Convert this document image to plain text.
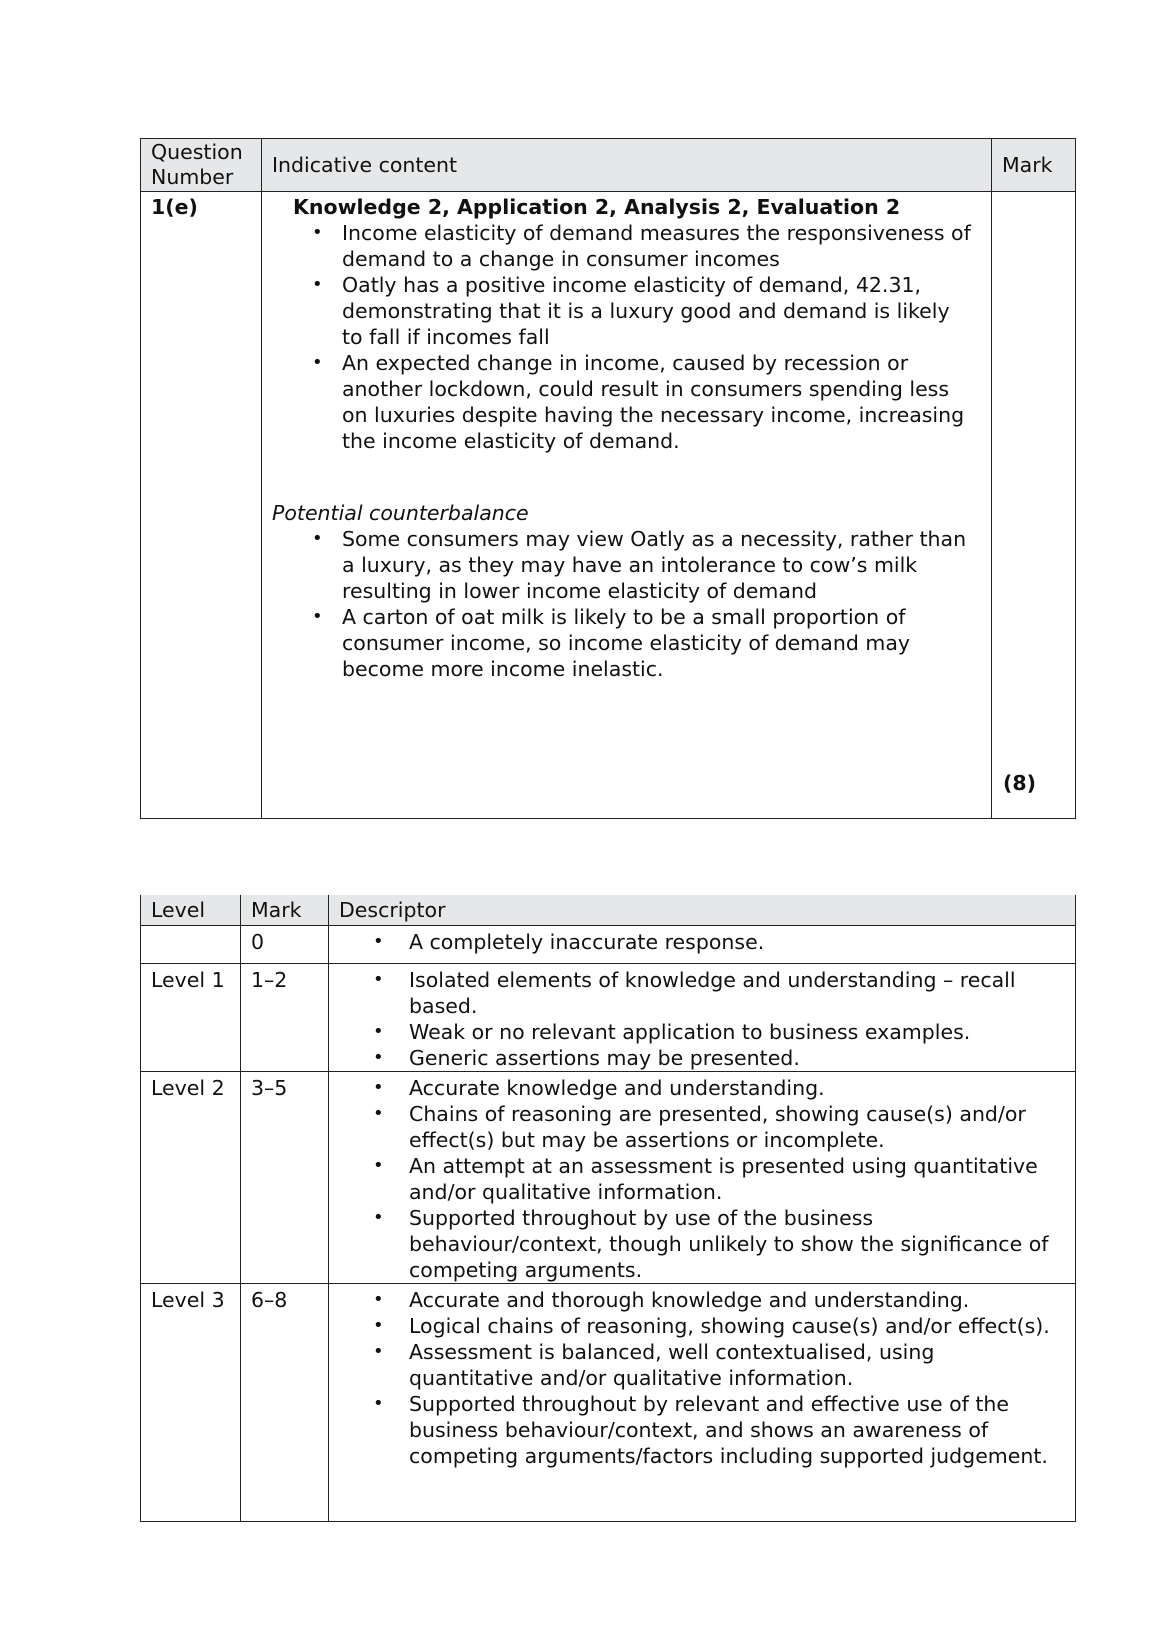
Question Number	Indicative content	Mark
1(e)	Knowledge 2, Application 2, Analysis 2, Evaluation 2
• Income elasticity of demand measures the responsiveness of demand to a change in consumer incomes
• Oatly has a positive income elasticity of demand, 42.31, demonstrating that it is a luxury good and demand is likely to fall if incomes fall
• An expected change in income, caused by recession or another lockdown, could result in consumers spending less on luxuries despite having the necessary income, increasing the income elasticity of demand.
Potential counterbalance
• Some consumers may view Oatly as a necessity, rather than a luxury, as they may have an intolerance to cow’s milk resulting in lower income elasticity of demand
• A carton of oat milk is likely to be a small proportion of consumer income, so income elasticity of demand may become more income inelastic.

(8)
Level	Mark	Descriptor
	0	
•A completely inaccurate response.

Level 1	1–2	
•Isolated elements of knowledge and understanding – recall based.
• Weak or no relevant application to business examples.
• Generic assertions may be presented.

Level 2	3–5	
•Accurate knowledge and understanding.
• Chains of reasoning are presented, showing cause(s) and/or effect(s) but may be assertions or incomplete.
• An attempt at an assessment is presented using quantitative and/or qualitative information.
• Supported throughout by use of the business behaviour/context, though unlikely to show the significance of competing arguments.

Level 3	6–8	
•Accurate and thorough knowledge and understanding.
• Logical chains of reasoning, showing cause(s) and/or effect(s).
• Assessment is balanced, well contextualised, using quantitative and/or qualitative information.
• Supported throughout by relevant and effective use of the business behaviour/context, and shows an awareness of competing arguments/factors including supported judgement.
